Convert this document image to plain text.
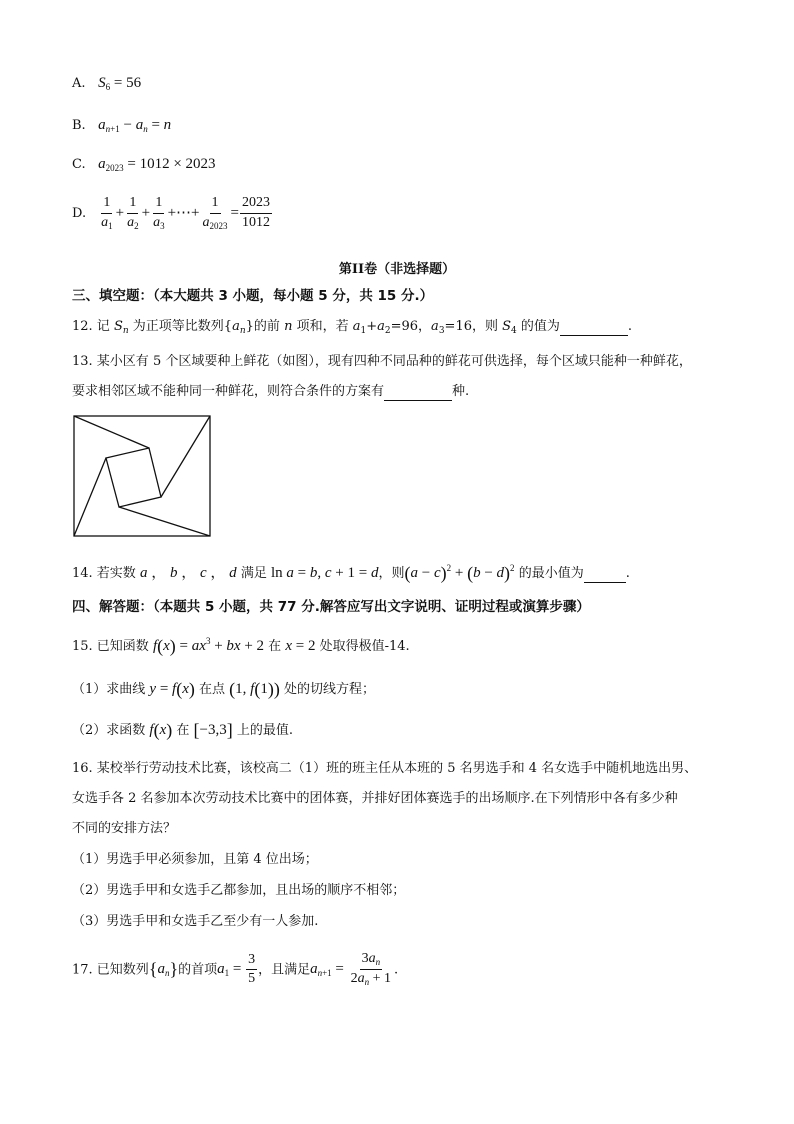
A. $S_6 = 56$
B. $a_{n+1} - a_n = n$
C. $a_{2023} = 1012 \times 2023$
D. $\frac{1}{a_1} + \frac{1}{a_2} + \frac{1}{a_3}$ +⋯+ $\frac{1}{a_{2023}} = \frac{2023}{1012}$
第II卷（非选择题）
三、填空题：（本大题共 3 小题，每小题 5 分，共 15 分.）
12. 记 $S_n$ 为正项等比数列$\{a_n\}$的前 n 项和，若 $a_1+a_2=96$，$a_3=16$，则 $S_4$ 的值为	.
13. 某小区有 5 个区域要种上鲜花（如图），现有四种不同品种的鲜花可供选择，每个区域只能种一种鲜花，
要求相邻区域不能种同一种鲜花，则符合条件的方案有	种.
14. 若实数 a ， b ， c ， d 满足 ln a = b, c + 1 = d，则$(a - c)^2 + (b - d)^2$ 的最小值为	.
四、解答题：（本题共 5 小题，共 77 分.解答应写出文字说明、证明过程或演算步骤）
15. 已知函数 $f(x) = ax^3$ + bx + 2 在 x = 2 处取得极值-14.
（1）求曲线 y = f(x) 在点 (1, f(1)) 处的切线方程；
（2）求函数 f(x) 在 [−3,3] 上的最值.
16. 某校举行劳动技术比赛，该校高二（1）班的班主任从本班的 5 名男选手和 4 名女选手中随机地选出男、
女选手各 2 名参加本次劳动技术比赛中的团体赛，并排好团体赛选手的出场顺序.在下列情形中各有多少种
不同的安排方法？
（1）男选手甲必须参加，且第 4 位出场；
（2）男选手甲和女选手乙都参加，且出场的顺序不相邻；
（3）男选手甲和女选手乙至少有一人参加.
17. 已知数列$\{a_n\}$的首项$a_1 = \frac{3}{5}$ ，且满足$a_{n+1} = \frac{3a_n}{2a_n + 1}$ .
